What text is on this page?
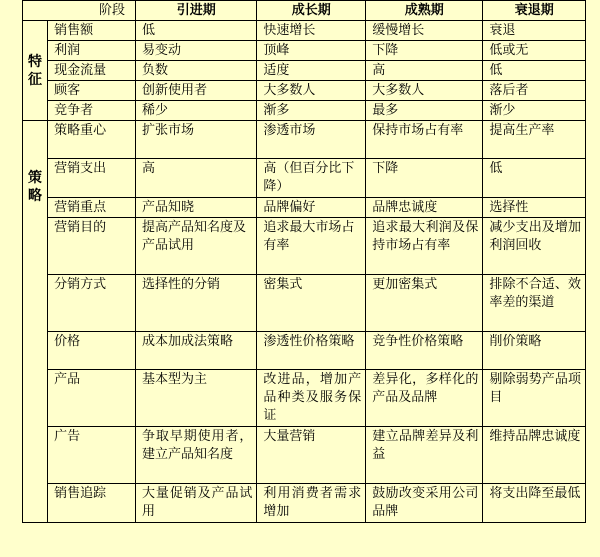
阶段		引进期	成长期	成熟期	衰退期

特
征	销售额	低	快速增长	缓慢增长	衰退
	利润	易变动	顶峰	下降	低或无
	现金流量	负数	适度	高	低
	顾客	创新使用者	大多数人	大多数人	落后者
	竞争者	稀少	渐多	最多	渐少

策
略	策略重心	扩张市场	渗透市场	保持市场占有率	提高生产率
	营销支出	高	高（但百分比下降）	下降	低
	营销重点	产品知晓	品牌偏好	品牌忠诚度	选择性
	营销目的	提高产品知名度及产品试用	追求最大市场占有率	追求最大利润及保持市场占有率	减少支出及增加利润回收
	分销方式	选择性的分销	密集式	更加密集式	排除不合适、效率差的渠道
	价格	成本加成法策略	渗透性价格策略	竞争性价格策略	削价策略
	产品	基本型为主	改进品，增加产品种类及服务保证	差异化，多样化的产品及品牌	剔除弱势产品项目
	广告	争取早期使用者，建立产品知名度	大量营销	建立品牌差异及利益	维持品牌忠诚度
	销售追踪	大量促销及产品试用	利用消费者需求增加	鼓励改变采用公司品牌	将支出降至最低
